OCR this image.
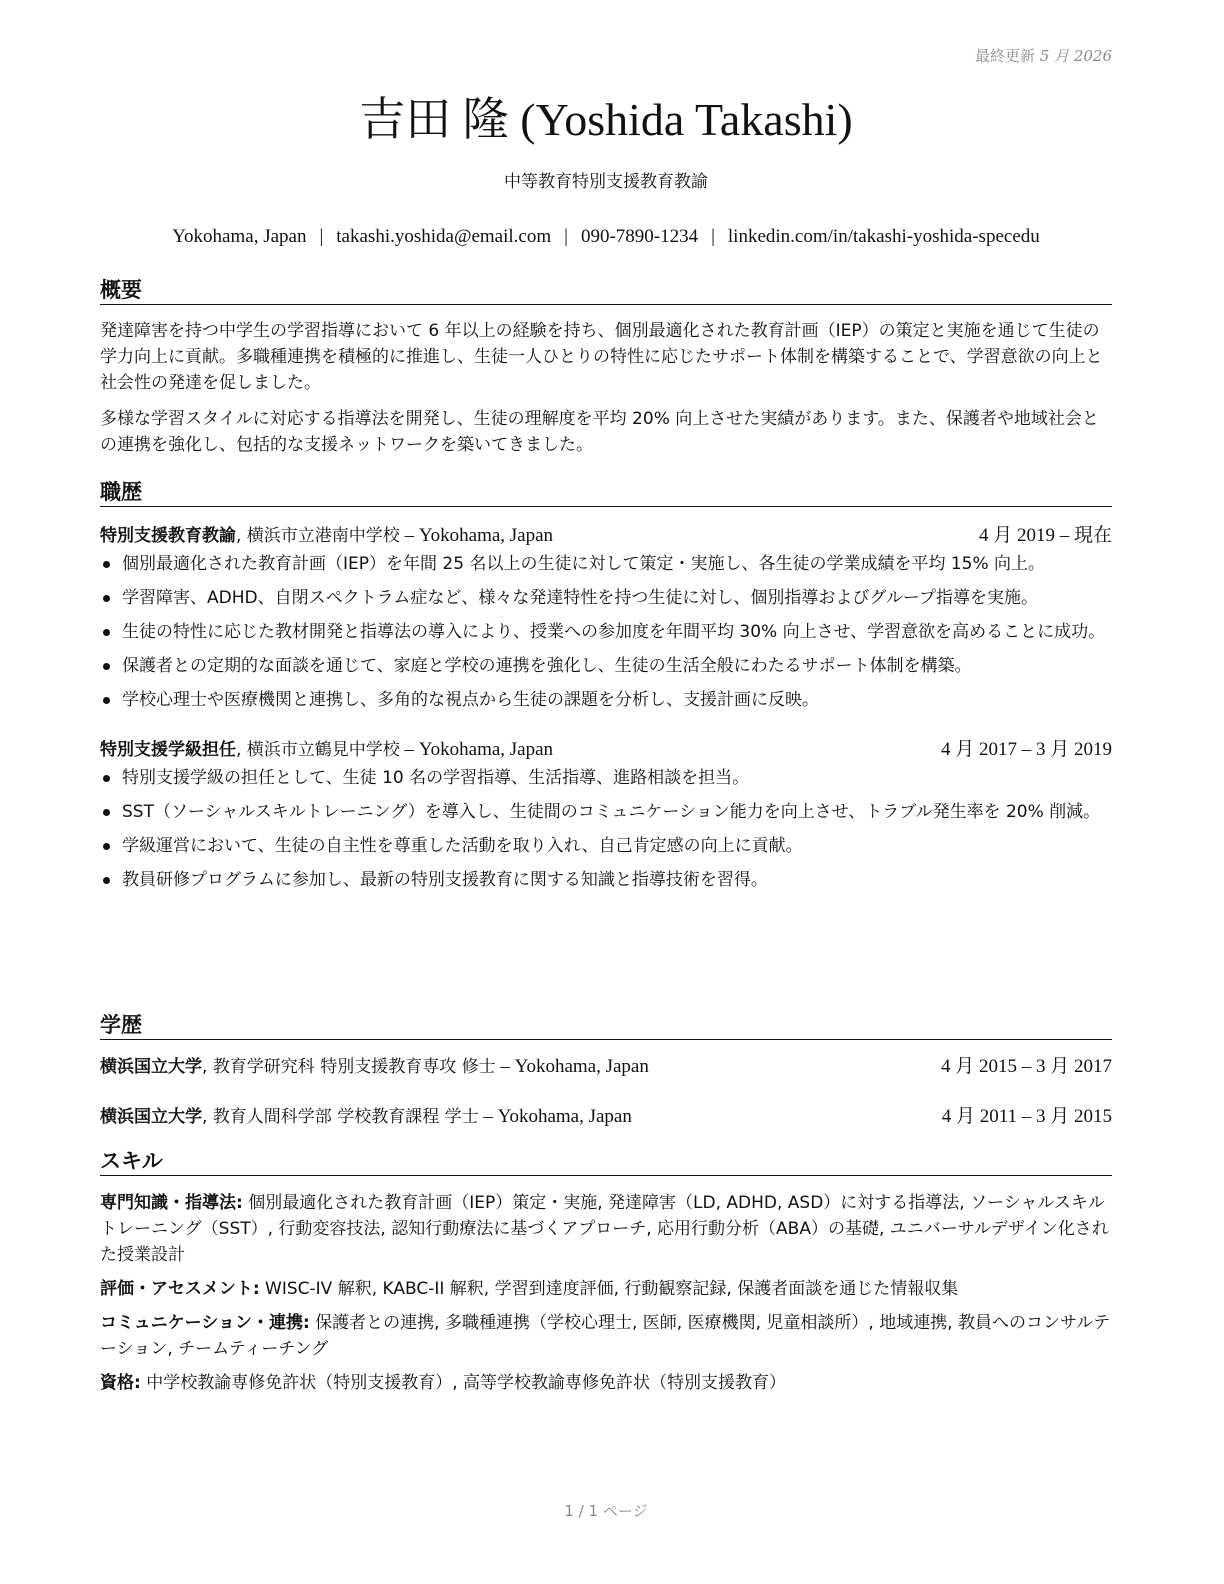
最終更新 5 月 2026
吉田 隆 (Yoshida Takashi)
中等教育特別支援教育教諭
Yokohama, Japan | takashi.yoshida@email.com | 090-7890-1234 | linkedin.com/in/takashi-yoshida-specedu
概要

発達障害を持つ中学生の学習指導において 6 年以上の経験を持ち、個別最適化された教育計画（IEP）の策定と実施を通じて生徒の学力向上に貢献。多職種連携を積極的に推進し、生徒一人ひとりの特性に応じたサポート体制を構築することで、学習意欲の向上と社会性の発達を促しました。

多様な学習スタイルに対応する指導法を開発し、生徒の理解度を平均 20% 向上させた実績があります。また、保護者や地域社会との連携を強化し、包括的な支援ネットワークを築いてきました。

職歴
特別支援教育教諭, 横浜市立港南中学校 – Yokohama, Japan	4 月 2019 – 現在
個別最適化された教育計画（IEP）を年間 25 名以上の生徒に対して策定・実施し、各生徒の学業成績を平均 15% 向上。
学習障害、ADHD、自閉スペクトラム症など、様々な発達特性を持つ生徒に対し、個別指導およびグループ指導を実施。
生徒の特性に応じた教材開発と指導法の導入により、授業への参加度を年間平均 30% 向上させ、学習意欲を高めることに成功。
保護者との定期的な面談を通じて、家庭と学校の連携を強化し、生徒の生活全般にわたるサポート体制を構築。
学校心理士や医療機関と連携し、多角的な視点から生徒の課題を分析し、支援計画に反映。
特別支援学級担任, 横浜市立鶴見中学校 – Yokohama, Japan	4 月 2017 – 3 月 2019
特別支援学級の担任として、生徒 10 名の学習指導、生活指導、進路相談を担当。
SST（ソーシャルスキルトレーニング）を導入し、生徒間のコミュニケーション能力を向上させ、トラブル発生率を 20% 削減。
学級運営において、生徒の自主性を尊重した活動を取り入れ、自己肯定感の向上に貢献。
教員研修プログラムに参加し、最新の特別支援教育に関する知識と指導技術を習得。
学歴
横浜国立大学, 教育学研究科 特別支援教育専攻 修士 – Yokohama, Japan	4 月 2015 – 3 月 2017
横浜国立大学, 教育人間科学部 学校教育課程 学士 – Yokohama, Japan	4 月 2011 – 3 月 2015
スキル
専門知識・指導法: 個別最適化された教育計画（IEP）策定・実施, 発達障害（LD, ADHD, ASD）に対する指導法, ソーシャルスキルトレーニング（SST）, 行動変容技法, 認知行動療法に基づくアプローチ, 応用行動分析（ABA）の基礎, ユニバーサルデザイン化された授業設計
評価・アセスメント: WISC-IV 解釈, KABC-II 解釈, 学習到達度評価, 行動観察記録, 保護者面談を通じた情報収集
コミュニケーション・連携: 保護者との連携, 多職種連携（学校心理士, 医師, 医療機関, 児童相談所）, 地域連携, 教員へのコンサルテーション, チームティーチング
資格: 中学校教諭専修免許状（特別支援教育）, 高等学校教諭専修免許状（特別支援教育）
1 / 1 ページ
